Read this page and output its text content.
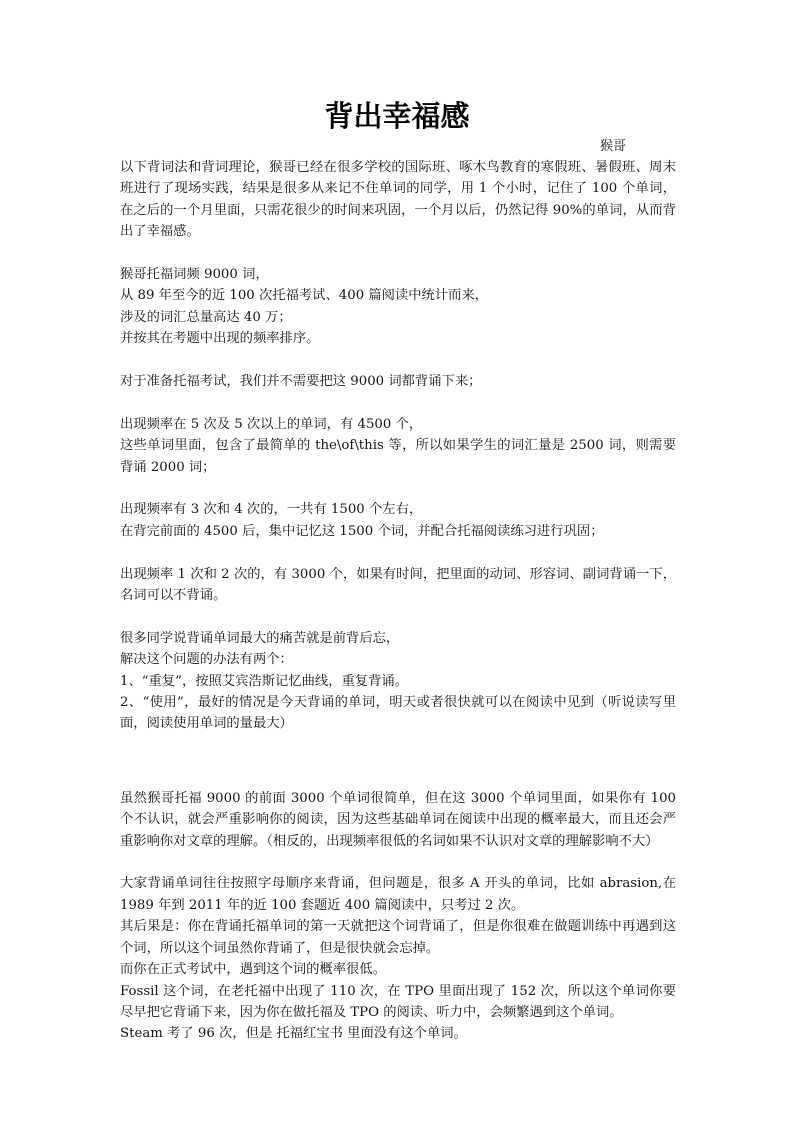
背出幸福感

猴哥

以下背词法和背词理论，猴哥已经在很多学校的国际班、啄木鸟教育的寒假班、暑假班、周末班进行了现场实践，结果是很多从来记不住单词的同学，用 1 个小时，记住了 100 个单词，在之后的一个月里面，只需花很少的时间来巩固，一个月以后，仍然记得 90%的单词，从而背出了幸福感。

猴哥托福词频 9000 词，

从 89 年至今的近 100 次托福考试、400 篇阅读中统计而来，

涉及的词汇总量高达 40 万；

并按其在考题中出现的频率排序。

对于准备托福考试，我们并不需要把这 9000 词都背诵下来；

出现频率在 5 次及 5 次以上的单词，有 4500 个，

这些单词里面，包含了最简单的 the\of\this 等，所以如果学生的词汇量是 2500 词，则需要背诵 2000 词；

出现频率有 3 次和 4 次的，一共有 1500 个左右，

在背完前面的 4500 后，集中记忆这 1500 个词，并配合托福阅读练习进行巩固；

出现频率 1 次和 2 次的，有 3000 个，如果有时间，把里面的动词、形容词、副词背诵一下，名词可以不背诵。

很多同学说背诵单词最大的痛苦就是前背后忘，

解决这个问题的办法有两个：

1、“重复”，按照艾宾浩斯记忆曲线，重复背诵。

2、“使用”，最好的情况是今天背诵的单词，明天或者很快就可以在阅读中见到（听说读写里面，阅读使用单词的量最大）

虽然猴哥托福 9000 的前面 3000 个单词很简单，但在这 3000 个单词里面，如果你有 100 个不认识，就会严重影响你的阅读，因为这些基础单词在阅读中出现的概率最大，而且还会严重影响你对文章的理解。（相反的，出现频率很低的名词如果不认识对文章的理解影响不大）

大家背诵单词往往按照字母顺序来背诵，但问题是，很多 A 开头的单词，比如 abrasion,在 1989 年到 2011 年的近 100 套题近 400 篇阅读中，只考过 2 次。

其后果是：你在背诵托福单词的第一天就把这个词背诵了，但是你很难在做题训练中再遇到这个词，所以这个词虽然你背诵了，但是很快就会忘掉。

而你在正式考试中，遇到这个词的概率很低。

Fossil 这个词，在老托福中出现了 110 次，在 TPO 里面出现了 152 次，所以这个单词你要尽早把它背诵下来，因为你在做托福及 TPO 的阅读、听力中，会频繁遇到这个单词。

Steam 考了 96 次，但是 托福红宝书 里面没有这个单词。
